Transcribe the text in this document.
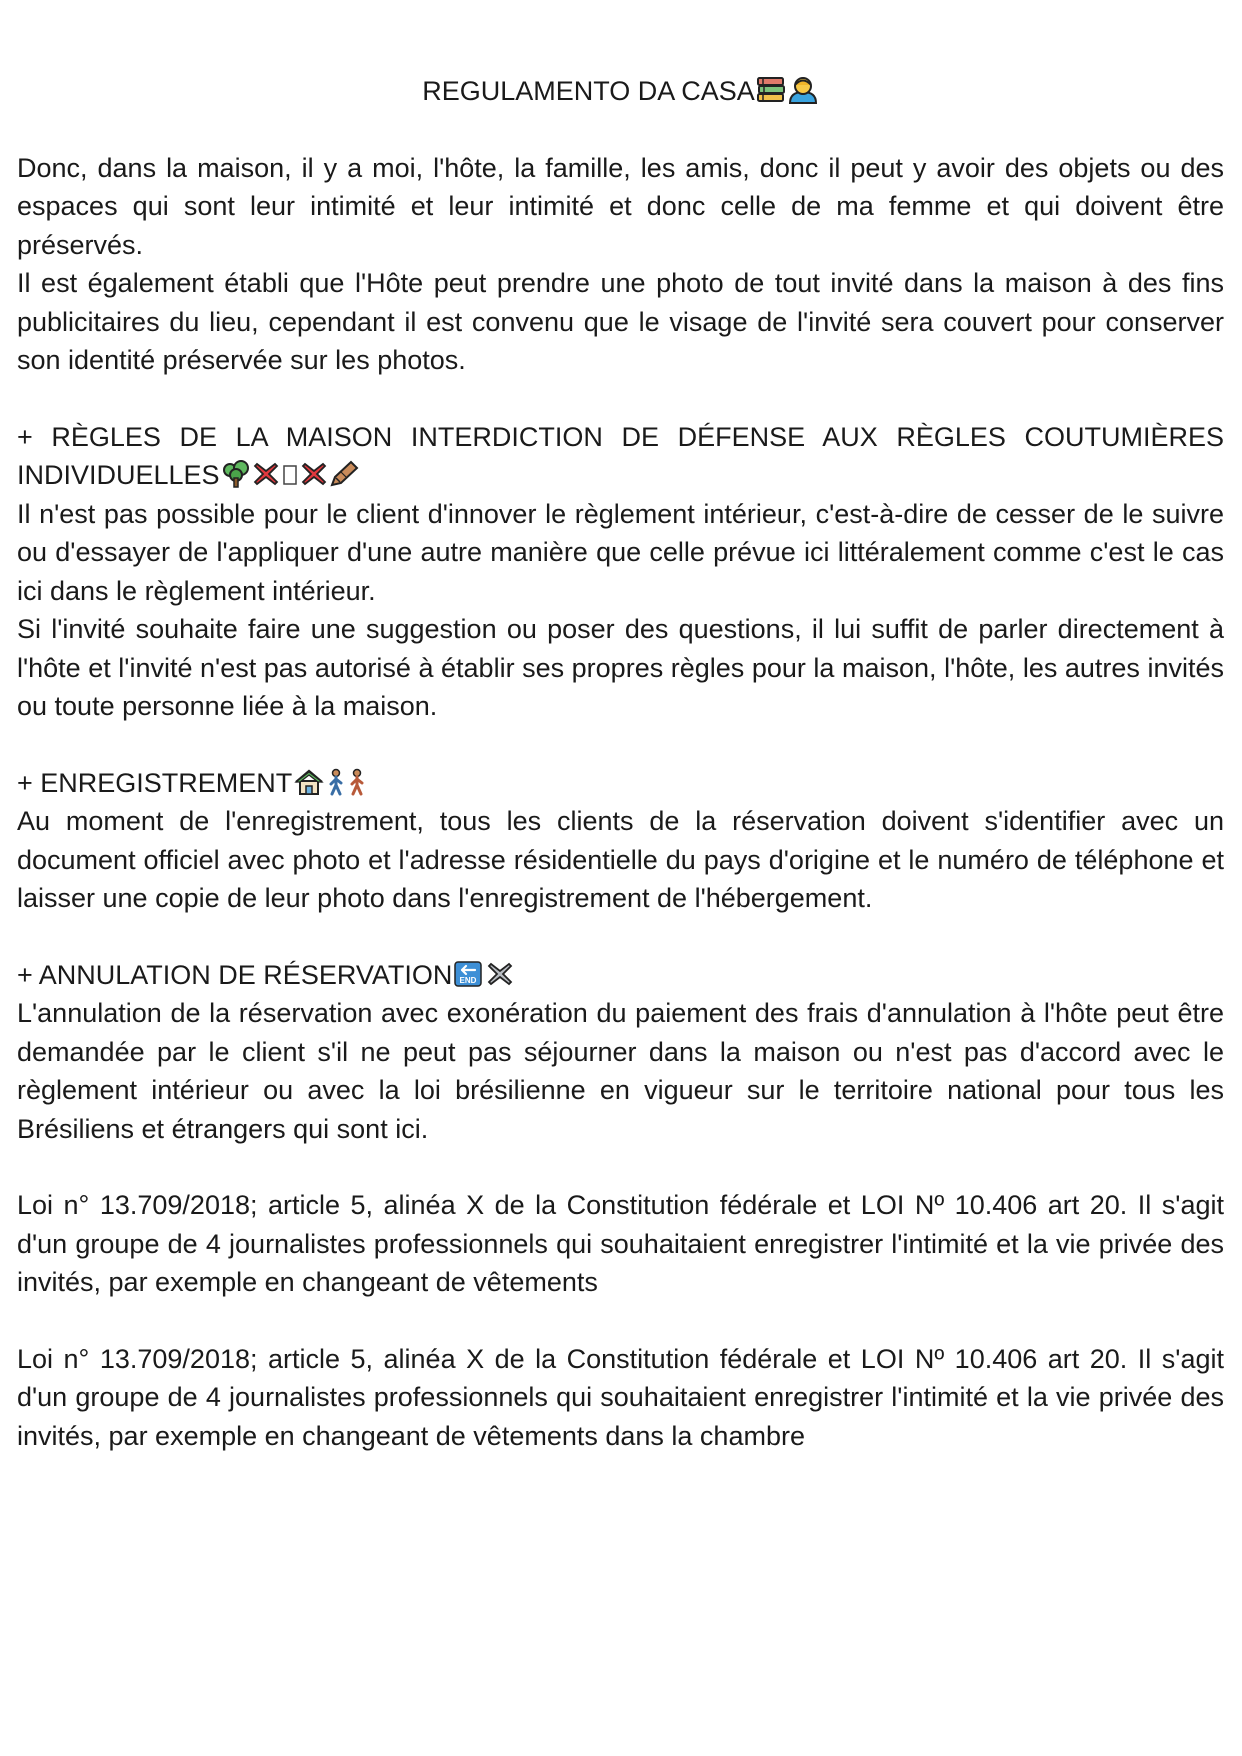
REGULAMENTO DA CASA

Donc, dans la maison, il y a moi, l'hôte, la famille, les amis, donc il peut y avoir des objets ou des espaces qui sont leur intimité et leur intimité et donc celle de ma femme et qui doivent être préservés.

Il est également établi que l'Hôte peut prendre une photo de tout invité dans la maison à des fins publicitaires du lieu, cependant il est convenu que le visage de l'invité sera couvert pour conserver son identité préservée sur les photos.

+ RÈGLES DE LA MAISON INTERDICTION DE DÉFENSE AUX RÈGLES COUTUMIÈRES INDIVIDUELLES

Il n'est pas possible pour le client d'innover le règlement intérieur, c'est-à-dire de cesser de le suivre ou d'essayer de l'appliquer d'une autre manière que celle prévue ici littéralement comme c'est le cas ici dans le règlement intérieur.

Si l'invité souhaite faire une suggestion ou poser des questions, il lui suffit de parler directement à l'hôte et l'invité n'est pas autorisé à établir ses propres règles pour la maison, l'hôte, les autres invités ou toute personne liée à la maison.

+ ENREGISTREMENT

Au moment de l'enregistrement, tous les clients de la réservation doivent s'identifier avec un document officiel avec photo et l'adresse résidentielle du pays d'origine et le numéro de téléphone et laisser une copie de leur photo dans l'enregistrement de l'hébergement.

+ ANNULATION DE RÉSERVATION END

L'annulation de la réservation avec exonération du paiement des frais d'annulation à l'hôte peut être demandée par le client s'il ne peut pas séjourner dans la maison ou n'est pas d'accord avec le règlement intérieur ou avec la loi brésilienne en vigueur sur le territoire national pour tous les Brésiliens et étrangers qui sont ici.

Loi n° 13.709/2018; article 5, alinéa X de la Constitution fédérale et LOI Nº 10.406 art 20. Il s'agit d'un groupe de 4 journalistes professionnels qui souhaitaient enregistrer l'intimité et la vie privée des invités, par exemple en changeant de vêtements

Loi n° 13.709/2018; article 5, alinéa X de la Constitution fédérale et LOI Nº 10.406 art 20. Il s'agit d'un groupe de 4 journalistes professionnels qui souhaitaient enregistrer l'intimité et la vie privée des invités, par exemple en changeant de vêtements dans la chambre
